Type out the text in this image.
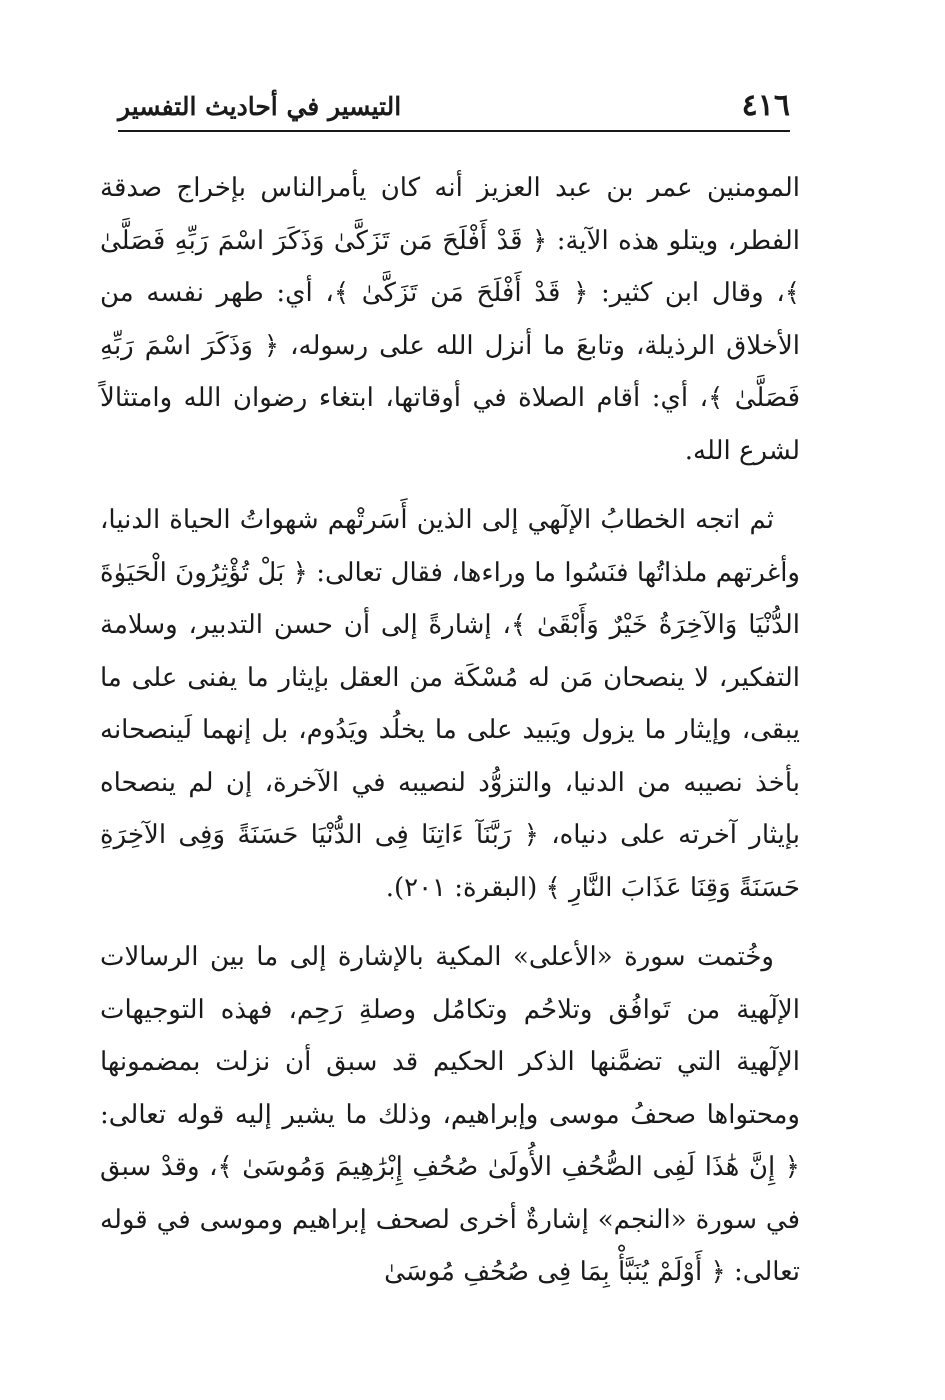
٤١٦
التيسير في أحاديث التفسير

المومنين عمر بن عبد العزيز أنه كان يأمرالناس بإخراج صدقة الفطر، ويتلو هذه الآية: ﴿ قَدْ أَفْلَحَ مَن تَزَكَّىٰ وَذَكَرَ اسْمَ رَبِّهِ فَصَلَّىٰ ﴾، وقال ابن كثير: ﴿ قَدْ أَفْلَحَ مَن تَزَكَّىٰ ﴾، أي: طهر نفسه من الأخلاق الرذيلة، وتابعَ ما أنزل الله على رسوله، ﴿ وَذَكَرَ اسْمَ رَبِّهِ فَصَلَّىٰ ﴾، أي: أقام الصلاة في أوقاتها، ابتغاء رضوان الله وامتثالاً لشرع الله.

ثم اتجه الخطابُ الإلٓهي إلى الذين أَسَرتْهم شهواتُ الحياة الدنيا، وأغرتهم ملذاتُها فنَسُوا ما وراءها، فقال تعالى: ﴿ بَلْ تُؤْثِرُونَ الْحَيَوٰةَ الدُّنْيَا وَالآخِرَةُ خَيْرٌ وَأَبْقَىٰ ﴾، إشارةً إلى أن حسن التدبير، وسلامة التفكير، لا ينصحان مَن له مُسْكَة من العقل بإيثار ما يفنى على ما يبقى، وإيثار ما يزول ويَبيد على ما يخلُد ويَدُوم، بل إنهما لَينصحانه بأخذ نصيبه من الدنيا، والتزوُّد لنصيبه في الآخرة، إن لم ينصحاه بإيثار آخرته على دنياه، ﴿ رَبَّنَآ ءَاتِنَا فِى الدُّنْيَا حَسَنَةً وَفِى الآخِرَةِ حَسَنَةً وَقِنَا عَذَابَ النَّارِ ﴾ (البقرة: ٢٠١).

وخُتمت سورة «الأعلى» المكية بالإشارة إلى ما بين الرسالات الإلٓهية من تَوافُق وتلاحُم وتكامُل وصلةِ رَحِم، فهذه التوجيهات الإلٓهية التي تضمَّنها الذكر الحكيم قد سبق أن نزلت بمضمونها ومحتواها صحفُ موسى وإبراهيم، وذلك ما يشير إليه قوله تعالى: ﴿ إِنَّ هَٰذَا لَفِى الصُّحُفِ الأُولَىٰ صُحُفِ إِبْرَٰهِيمَ وَمُوسَىٰ ﴾، وقدْ سبق في سورة «النجم» إشارةٌ أخرى لصحف إبراهيم وموسى في قوله تعالى: ﴿ أَوْلَمْ يُنَبَّأْ بِمَا فِى صُحُفِ مُوسَىٰ
